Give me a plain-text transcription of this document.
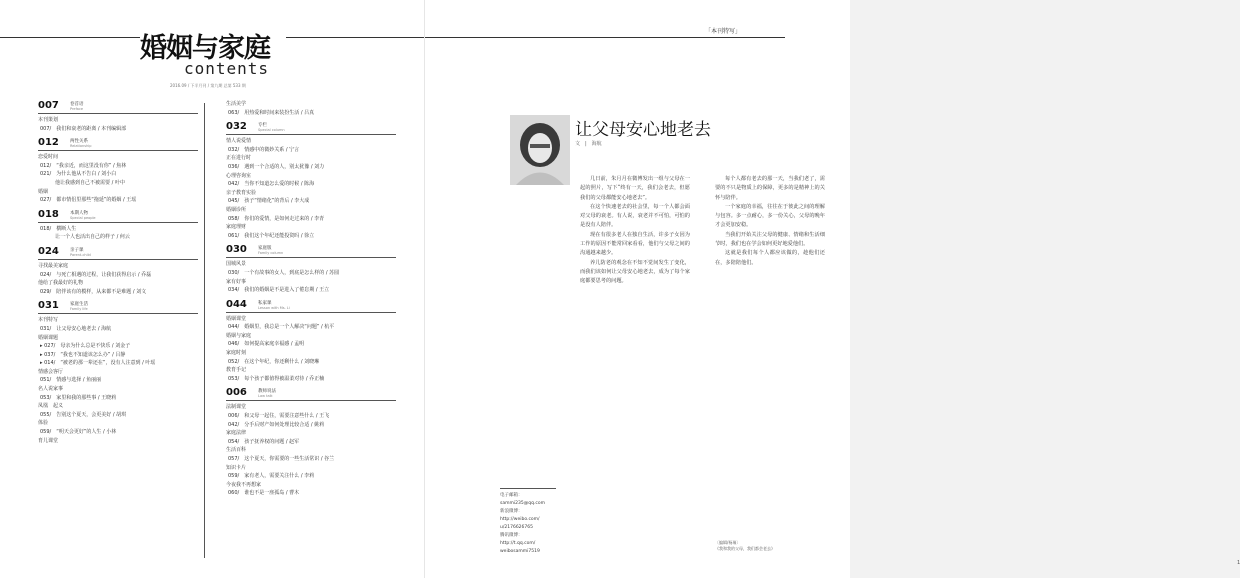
婚姻与家庭
contents
2016.09 / 下半月刊 / 第九期 总第 533 期
007	卷首语
Preface
本刊策划
007/　我们和衰老的距离 / 本刊编辑部
012	两性关系
Relationship
恋爱时间
012/　“我亲近，而这里没有你” / 焦林
021/　为什么他从不告白 / 刘小白
　　　他让我感到自己不被需要 / 叶中
婚姻
027/　都市情侣里那些“拖延”的婚姻 / 王瑶
018	本期人物
Special people
018/　横断人生
　　　让一个人也活出自己的样子 / 何云
024	亲子课
Parent-child
寻找最美家庭
024/　与死亡相遇的过程，让我们获得启示 / 乔磊
他给了我最好的礼物
029/　陪伴该有的模样，从来都不是难题 / 刘文
031	家庭生活
Family life
本刊特写
031/　让父母安心地老去 / 海航
婚姻课题
▸ 027/　母亲为什么总是不快乐 / 刘金子
▸ 037/　“我也不知道该怎么办” / 吕静
▸ 014/　“被老的那一辈还在”，没有人注意到 / 叶瑶
情感会客厅
051/　情感与选择 / 鱼丽丽
名人说家事
053/　家里和我的那些事 / 王晓莉
凤凰　起义
055/　告别这个夏天，会更美好 / 胡琪
体验
059/　“明天会更好”的人生 / 小林
育儿课堂
生活美学
063/　用热爱和时间来装扮生活 / 吕真
032	专栏
Special column
情人说爱情
032/　情感中的微妙关系 / 宁言
正在进行时
036/　遇到一个合适的人，别太犹豫 / 刘力
心理咨询室
042/　当你不知道怎么爱的时候 / 陈海
亲子教育实验
045/　孩子“情绪化”的背后 / 李大成
婚姻诊所
058/　你们的爱情，是如何走过来的 / 李青
家庭理财
061/　我们这个年纪还能投资吗 / 徐立
030	家庭版
Family column
国城风景
030/　一个有故事的女人，到底是怎么样的 / 苏圆
家有好事
034/　我们的婚姻是不是进入了倦怠期 / 王立
044	私家课
Lesson with Ms. Li
婚姻课堂
044/　婚姻里，我总是一个人解决“问题” / 杭平
婚姻与家庭
046/　如何提高家庭幸福感 / 孟明
家庭时刻
052/　在这个年纪，你还剩什么 / 刘晓琳
教育手记
053/　每个孩子都值得被温柔对待 / 乔正楠
006	教师说法
Law talk
法制课堂
006/　和父母一起住，需要注意些什么 / 王飞
042/　分手后财产如何处理比较合适 / 姚莉
家庭法律
054/　孩子抚养权的问题 / 赵军
生活百科
057/　这个夏天，你需要的一些生活常识 / 谷兰
知识卡片
059/　家有老人，需要关注什么 / 李莉
今夜我不再想家
060/　谁也不是一座孤岛 / 曹木
「本刊特写」
让父母安心地老去
文　|　海航

几日前，朱月月在微博发出一组与父母在一起的照片，写下“终有一天，我们会老去，但愿我们的父母都能安心地老去”。

在这个快速老去的社会里，每一个人都会面对父母的衰老。有人说，衰老并不可怕，可怕的是没有人陪伴。

现在有很多老人在独自生活，许多子女因为工作的原因不能常回家看看，他们与父母之间的沟通越来越少。

养儿防老的观念在不知不觉间发生了变化，而我们该如何让父母安心地老去，成为了每个家庭都要思考的问题。

每个人都有老去的那一天，当我们老了，需要的不只是物质上的保障，更多的是精神上的关怀与陪伴。

一个家庭的幸福，往往在于彼此之间的理解与包容。多一点耐心，多一份关心，父母的晚年才会更加安稳。

当我们开始关注父母的健康、情绪和生活细节时，我们也在学会如何更好地爱他们。

这就是我们每个人都应该做的，趁他们还在，多陪陪他们。

电子邮箱：
sammi235@qq.com
新浪微博：
http://weibo.com/
u/2176626765
腾讯微博：
http://t.qq.com/
weibosammi7519
〔编辑/杨瑞〕
《我和我的父母，我们都会老去》
1
